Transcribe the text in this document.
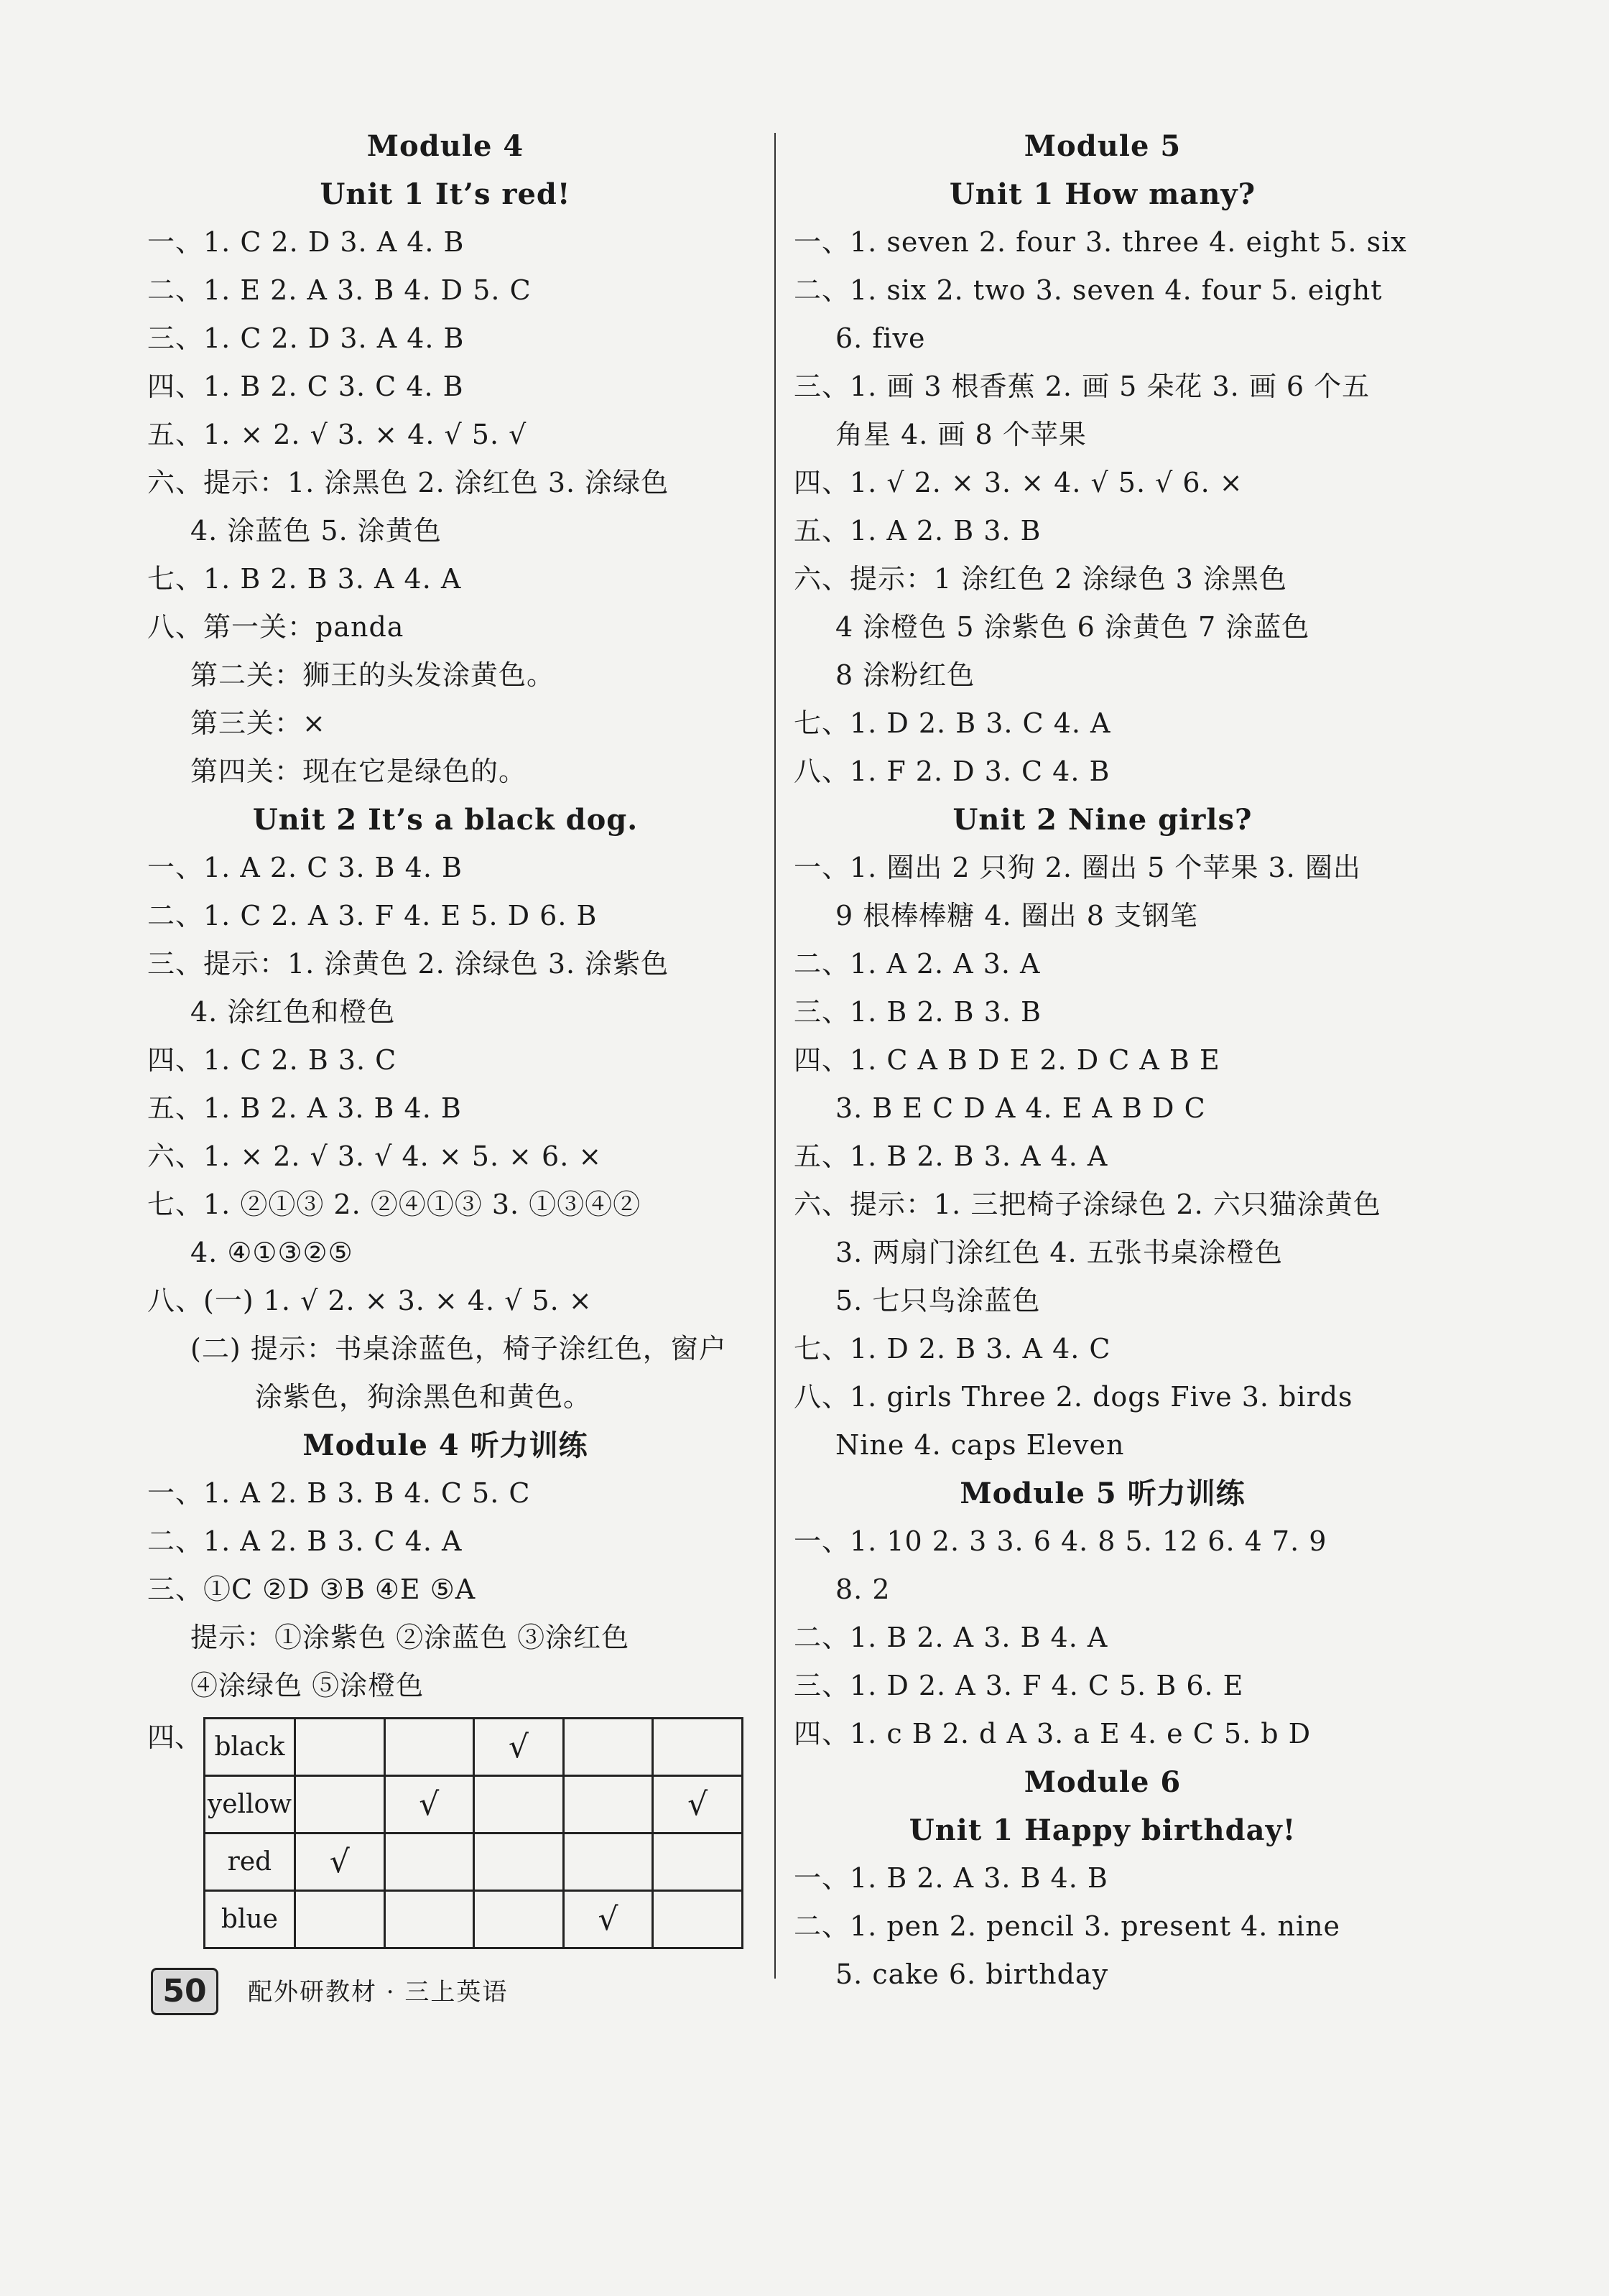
Module 4
Unit 1 It’s red!
一、1. C 2. D 3. A 4. B
二、1. E 2. A 3. B 4. D 5. C
三、1. C 2. D 3. A 4. B
四、1. B 2. C 3. C 4. B
五、1. × 2. √ 3. × 4. √ 5. √
六、提示：1. 涂黑色 2. 涂红色 3. 涂绿色
4. 涂蓝色 5. 涂黄色
七、1. B 2. B 3. A 4. A
八、第一关：panda
第二关：狮王的头发涂黄色。
第三关：×
第四关：现在它是绿色的。
Unit 2 It’s a black dog.
一、1. A 2. C 3. B 4. B
二、1. C 2. A 3. F 4. E 5. D 6. B
三、提示：1. 涂黄色 2. 涂绿色 3. 涂紫色
4. 涂红色和橙色
四、1. C 2. B 3. C
五、1. B 2. A 3. B 4. B
六、1. × 2. √ 3. √ 4. × 5. × 6. ×
七、1. ②①③ 2. ②④①③ 3. ①③④②
4. ④①③②⑤
八、(一) 1. √ 2. × 3. × 4. √ 5. ×
(二) 提示：书桌涂蓝色，椅子涂红色，窗户
涂紫色，狗涂黑色和黄色。
Module 4 听力训练
一、1. A 2. B 3. B 4. C 5. C
二、1. A 2. B 3. C 4. A
三、①C ②D ③B ④E ⑤A
提示：①涂紫色 ②涂蓝色 ③涂红色
④涂绿色 ⑤涂橙色
四、 black			√		
yellow		√			√
red	√				
blue				√	
Module 5
Unit 1 How many?
一、1. seven 2. four 3. three 4. eight 5. six
二、1. six 2. two 3. seven 4. four 5. eight
6. five
三、1. 画 3 根香蕉 2. 画 5 朵花 3. 画 6 个五
角星 4. 画 8 个苹果
四、1. √ 2. × 3. × 4. √ 5. √ 6. ×
五、1. A 2. B 3. B
六、提示：1 涂红色 2 涂绿色 3 涂黑色
4 涂橙色 5 涂紫色 6 涂黄色 7 涂蓝色
8 涂粉红色
七、1. D 2. B 3. C 4. A
八、1. F 2. D 3. C 4. B
Unit 2 Nine girls?
一、1. 圈出 2 只狗 2. 圈出 5 个苹果 3. 圈出
9 根棒棒糖 4. 圈出 8 支钢笔
二、1. A 2. A 3. A
三、1. B 2. B 3. B
四、1. C A B D E 2. D C A B E
3. B E C D A 4. E A B D C
五、1. B 2. B 3. A 4. A
六、提示：1. 三把椅子涂绿色 2. 六只猫涂黄色
3. 两扇门涂红色 4. 五张书桌涂橙色
5. 七只鸟涂蓝色
七、1. D 2. B 3. A 4. C
八、1. girls Three 2. dogs Five 3. birds
Nine 4. caps Eleven
Module 5 听力训练
一、1. 10 2. 3 3. 6 4. 8 5. 12 6. 4 7. 9
8. 2
二、1. B 2. A 3. B 4. A
三、1. D 2. A 3. F 4. C 5. B 6. E
四、1. c B 2. d A 3. a E 4. e C 5. b D
Module 6
Unit 1 Happy birthday!
一、1. B 2. A 3. B 4. B
二、1. pen 2. pencil 3. present 4. nine
5. cake 6. birthday
50	配外研教材 · 三上英语
